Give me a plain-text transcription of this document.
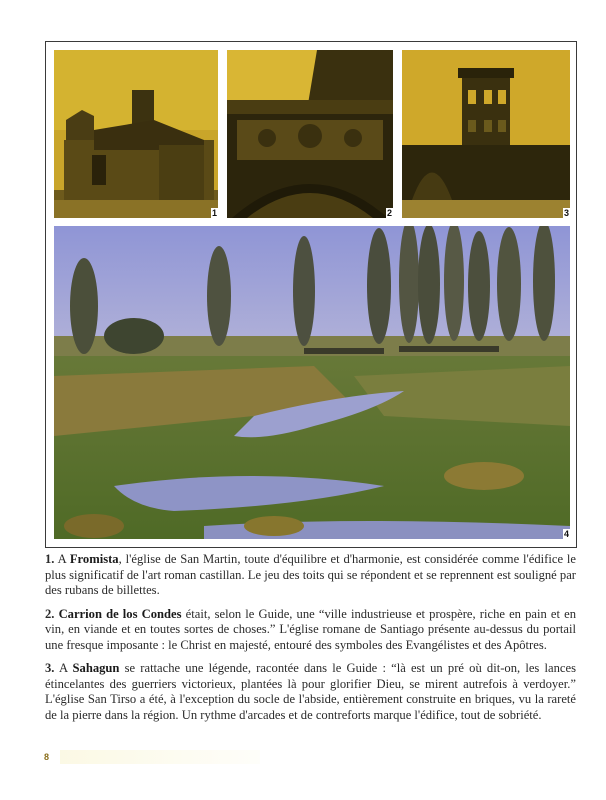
1	2	3
4

1. A Fromista, l'église de San Martin, toute d'équilibre et d'harmonie, est considérée comme l'édifice le plus significatif de l'art roman castillan. Le jeu des toits qui se répondent et se reprennent est souligné par des rubans de billettes.

2. Carrion de los Condes était, selon le Guide, une “ville industrieuse et prospère, riche en pain et en vin, en viande et en toutes sortes de choses.” L'église romane de Santiago présente au-dessus du portail une fresque imposante : le Christ en majesté, entouré des symboles des Evangélistes et des Apôtres.

3. A Sahagun se rattache une légende, racontée dans le Guide : “là est un pré où dit-on, les lances étincelantes des guerriers victorieux, plantées là pour glorifier Dieu, se mirent autrefois à verdoyer.” L'église San Tirso a été, à l'exception du socle de l'abside, entièrement construite en briques, vu la rareté de la pierre dans la région. Un rythme d'arcades et de contreforts marque l'édifice, tout de sobriété.

8
